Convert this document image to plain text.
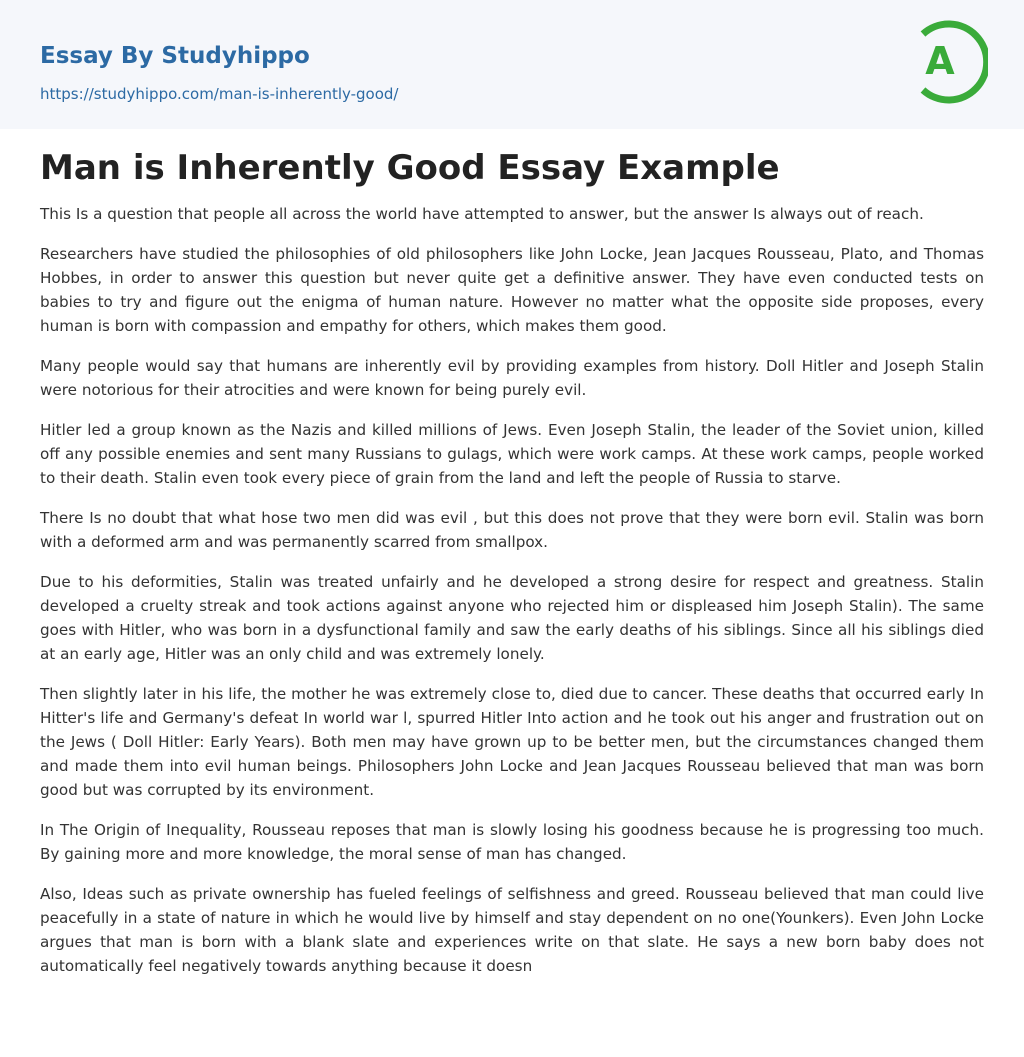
Essay By Studyhippo
https://studyhippo.com/man-is-inherently-good/
A
Man is Inherently Good Essay Example

This Is a question that people all across the world have attempted to answer, but the answer Is always out of reach.

Researchers have studied the philosophies of old philosophers like John Locke, Jean Jacques Rousseau, Plato, and Thomas Hobbes, in order to answer this question but never quite get a definitive answer. They have even conducted tests on babies to try and figure out the enigma of human nature. However no matter what the opposite side proposes, every human is born with compassion and empathy for others, which makes them good.

Many people would say that humans are inherently evil by providing examples from history. Doll Hitler and Joseph Stalin were notorious for their atrocities and were known for being purely evil.

Hitler led a group known as the Nazis and killed millions of Jews. Even Joseph Stalin, the leader of the Soviet union, killed off any possible enemies and sent many Russians to gulags, which were work camps. At these work camps, people worked to their death. Stalin even took every piece of grain from the land and left the people of Russia to starve.

There Is no doubt that what hose two men did was evil , but this does not prove that they were born evil. Stalin was born with a deformed arm and was permanently scarred from smallpox.

Due to his deformities, Stalin was treated unfairly and he developed a strong desire for respect and greatness. Stalin developed a cruelty streak and took actions against anyone who rejected him or displeased him Joseph Stalin). The same goes with Hitler, who was born in a dysfunctional family and saw the early deaths of his siblings. Since all his siblings died at an early age, Hitler was an only child and was extremely lonely.

Then slightly later in his life, the mother he was extremely close to, died due to cancer. These deaths that occurred early In Hitter's life and Germany's defeat In world war l, spurred Hitler Into action and he took out his anger and frustration out on the Jews ( Doll Hitler: Early Years). Both men may have grown up to be better men, but the circumstances changed them and made them into evil human beings. Philosophers John Locke and Jean Jacques Rousseau believed that man was born good but was corrupted by its environment.

In The Origin of Inequality, Rousseau reposes that man is slowly losing his goodness because he is progressing too much. By gaining more and more knowledge, the moral sense of man has changed.

Also, Ideas such as private ownership has fueled feelings of selfishness and greed. Rousseau believed that man could live peacefully in a state of nature in which he would live by himself and stay dependent on no one(Younkers). Even John Locke argues that man is born with a blank slate and experiences write on that slate. He says a new born baby does not automatically feel negatively towards anything because it doesn
